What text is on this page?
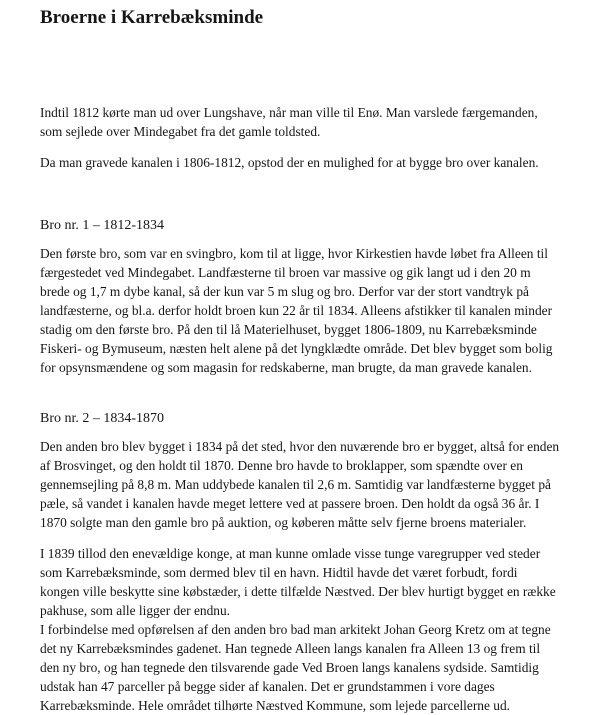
Broerne i Karrebæksminde

Indtil 1812 kørte man ud over Lungshave, når man ville til Enø. Man varslede færgemanden, som sejlede over Mindegabet fra det gamle toldsted.

Da man gravede kanalen i 1806-1812, opstod der en mulighed for at bygge bro over kanalen.

Bro nr. 1 – 1812-1834

Den første bro, som var en svingbro, kom til at ligge, hvor Kirkestien havde løbet fra Alleen til færgestedet ved Mindegabet. Landfæsterne til broen var massive og gik langt ud i den 20 m brede og 1,7 m dybe kanal, så der kun var 5 m slug og bro. Derfor var der stort vandtryk på landfæsterne, og bl.a. derfor holdt broen kun 22 år til 1834. Alleens afstikker til kanalen minder stadig om den første bro. På den til lå Materielhuset, bygget 1806-1809, nu Karrebæksminde Fiskeri- og Bymuseum, næsten helt alene på det lyngklædte område. Det blev bygget som bolig for opsynsmændene og som magasin for redskaberne, man brugte, da man gravede kanalen.

Bro nr. 2 – 1834-1870

Den anden bro blev bygget i 1834 på det sted, hvor den nuværende bro er bygget, altså for enden af Brosvinget, og den holdt til 1870. Denne bro havde to broklapper, som spændte over en gennemsejling på 8,8 m. Man uddybede kanalen til 2,6 m. Samtidig var landfæsterne bygget på pæle, så vandet i kanalen havde meget lettere ved at passere broen. Den holdt da også 36 år. I 1870 solgte man den gamle bro på auktion, og køberen måtte selv fjerne broens materialer.

I 1839 tillod den enevældige konge, at man kunne omlade visse tunge varegrupper ved steder som Karrebæksminde, som dermed blev til en havn. Hidtil havde det været forbudt, fordi kongen ville beskytte sine købstæder, i dette tilfælde Næstved. Der blev hurtigt bygget en række pakhuse, som alle ligger der endnu.

I forbindelse med opførelsen af den anden bro bad man arkitekt Johan Georg Kretz om at tegne det ny Karrebæksmindes gadenet. Han tegnede Alleen langs kanalen fra Alleen 13 og frem til den ny bro, og han tegnede den tilsvarende gade Ved Broen langs kanalens sydside. Samtidig udstak han 47 parceller på begge sider af kanalen. Det er grundstammen i vore dages Karrebæksminde. Hele området tilhørte Næstved Kommune, som lejede parcellerne ud.
